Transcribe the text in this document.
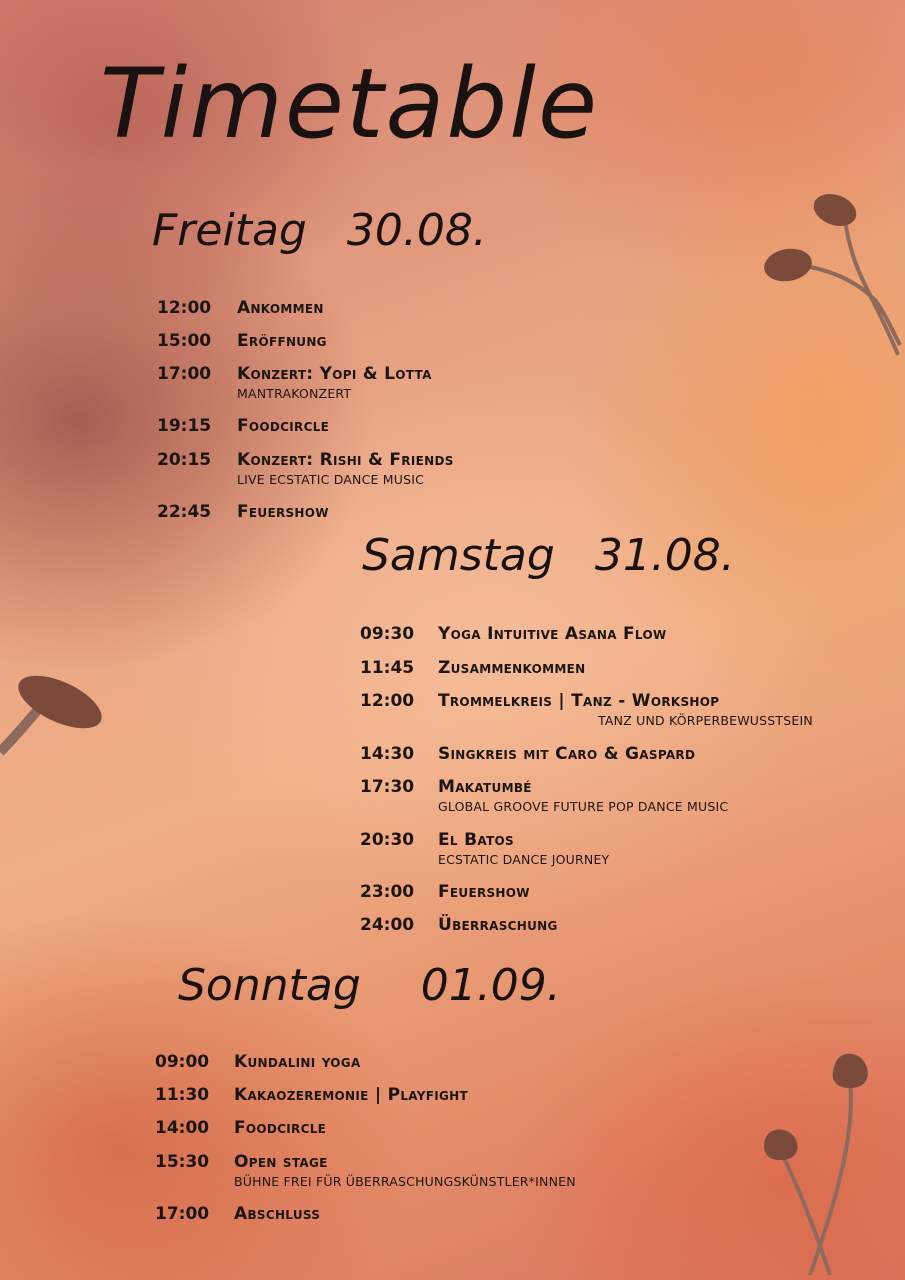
Timetable
Freitag 30.08.
12:00 Ankommen
15:00 Eröffnung
17:00 Konzert: Yopi & Lotta
MANTRAKONZERT
19:15 Foodcircle
20:15 Konzert: Rishi & Friends
LIVE ECSTATIC DANCE MUSIC
22:45 Feuershow
Samstag 31.08.
09:30 Yoga Intuitive Asana Flow
11:45 Zusammenkommen
12:00 Trommelkreis | Tanz - Workshop
TANZ UND KÖRPERBEWUSSTSEIN
14:30 Singkreis mit Caro & Gaspard
17:30 Makatumbé
GLOBAL GROOVE FUTURE POP DANCE MUSIC
20:30 El Batos
ECSTATIC DANCE JOURNEY
23:00 Feuershow
24:00 Überraschung
Sonntag 01.09.
09:00 Kundalini yoga
11:30 Kakaozeremonie | Playfight
14:00 Foodcircle
15:30 Open stage
BÜHNE FREI FÜR ÜBERRASCHUNGSKÜNSTLER*INNEN
17:00 Abschluss
